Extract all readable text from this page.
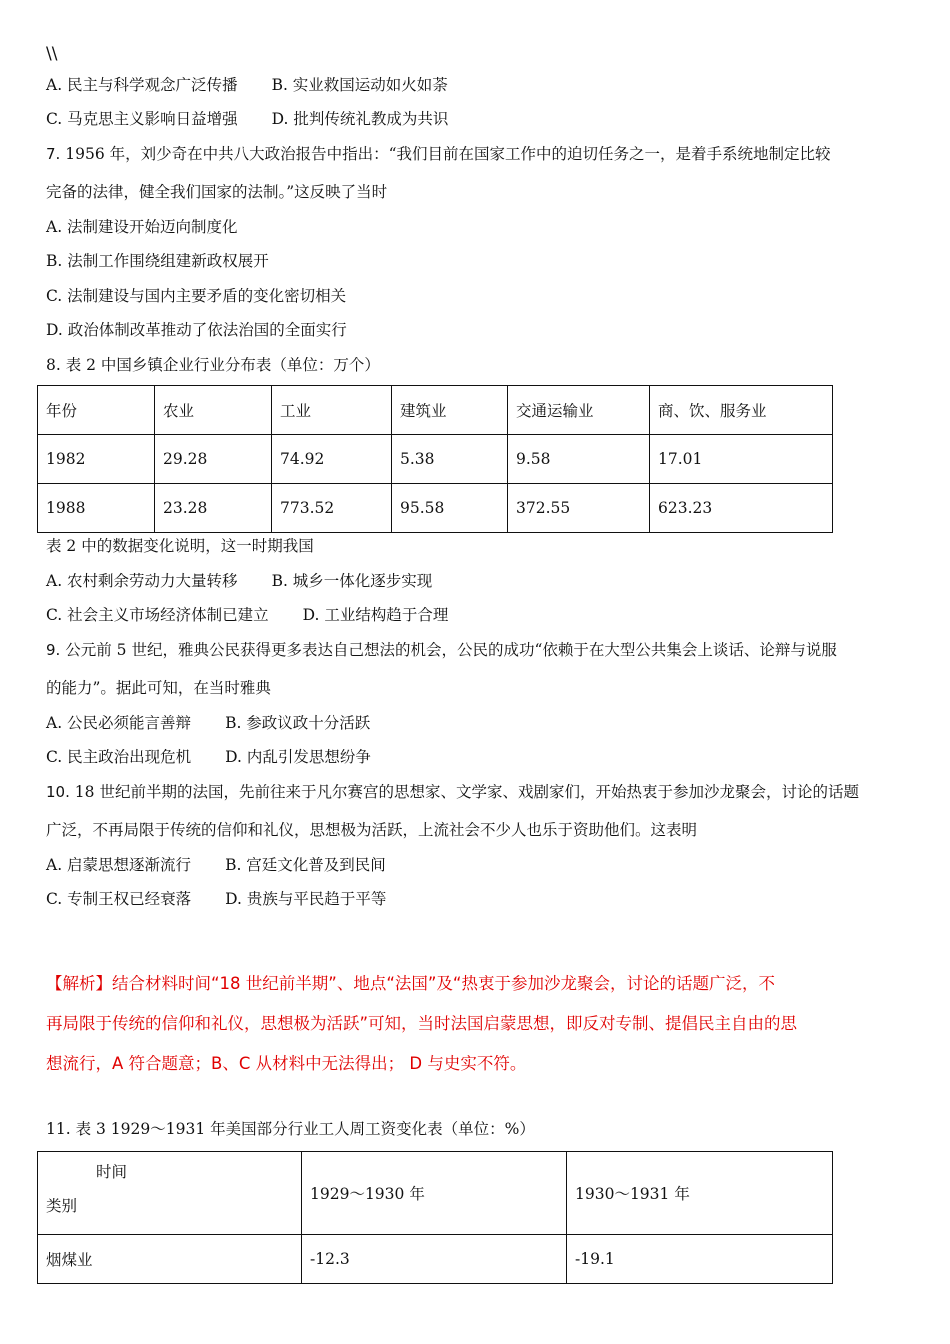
\\
A. 民主与科学观念广泛传播 B. 实业救国运动如火如荼
C. 马克思主义影响日益增强 D. 批判传统礼教成为共识
7. 1956 年，刘少奇在中共八大政治报告中指出：“我们目前在国家工作中的迫切任务之一，是着手系统地制定比较
完备的法律，健全我们国家的法制。”这反映了当时
A. 法制建设开始迈向制度化
B. 法制工作围绕组建新政权展开
C. 法制建设与国内主要矛盾的变化密切相关
D. 政治体制改革推动了依法治国的全面实行
8. 表 2 中国乡镇企业行业分布表（单位：万个）
年份	农业	工业	建筑业	交通运输业	商、饮、服务业
1982	29.28	74.92	5.38	9.58	17.01
1988	23.28	773.52	95.58	372.55	623.23
表 2 中的数据变化说明，这一时期我国
A. 农村剩余劳动力大量转移 B. 城乡一体化逐步实现
C. 社会主义市场经济体制已建立 D. 工业结构趋于合理
9. 公元前 5 世纪，雅典公民获得更多表达自己想法的机会，公民的成功“依赖于在大型公共集会上谈话、论辩与说服
的能力”。据此可知，在当时雅典
A. 公民必须能言善辩 B. 参政议政十分活跃
C. 民主政治出现危机 D. 内乱引发思想纷争
10. 18 世纪前半期的法国，先前往来于凡尔赛宫的思想家、文学家、戏剧家们，开始热衷于参加沙龙聚会，讨论的话题
广泛，不再局限于传统的信仰和礼仪，思想极为活跃，上流社会不少人也乐于资助他们。这表明
A. 启蒙思想逐渐流行 B. 宫廷文化普及到民间
C. 专制王权已经衰落 D. 贵族与平民趋于平等
【解析】结合材料时间“18 世纪前半期”、地点“法国”及“热衷于参加沙龙聚会，讨论的话题广泛，不
再局限于传统的信仰和礼仪，思想极为活跃”可知，当时法国启蒙思想，即反对专制、提倡民主自由的思
想流行，A 符合题意；B、C 从材料中无法得出； D 与史实不符。
11. 表 3 1929～1931 年美国部分行业工人周工资变化表（单位：%）
时间
类别	1929～1930 年	1930～1931 年
烟煤业	-12.3	-19.1
